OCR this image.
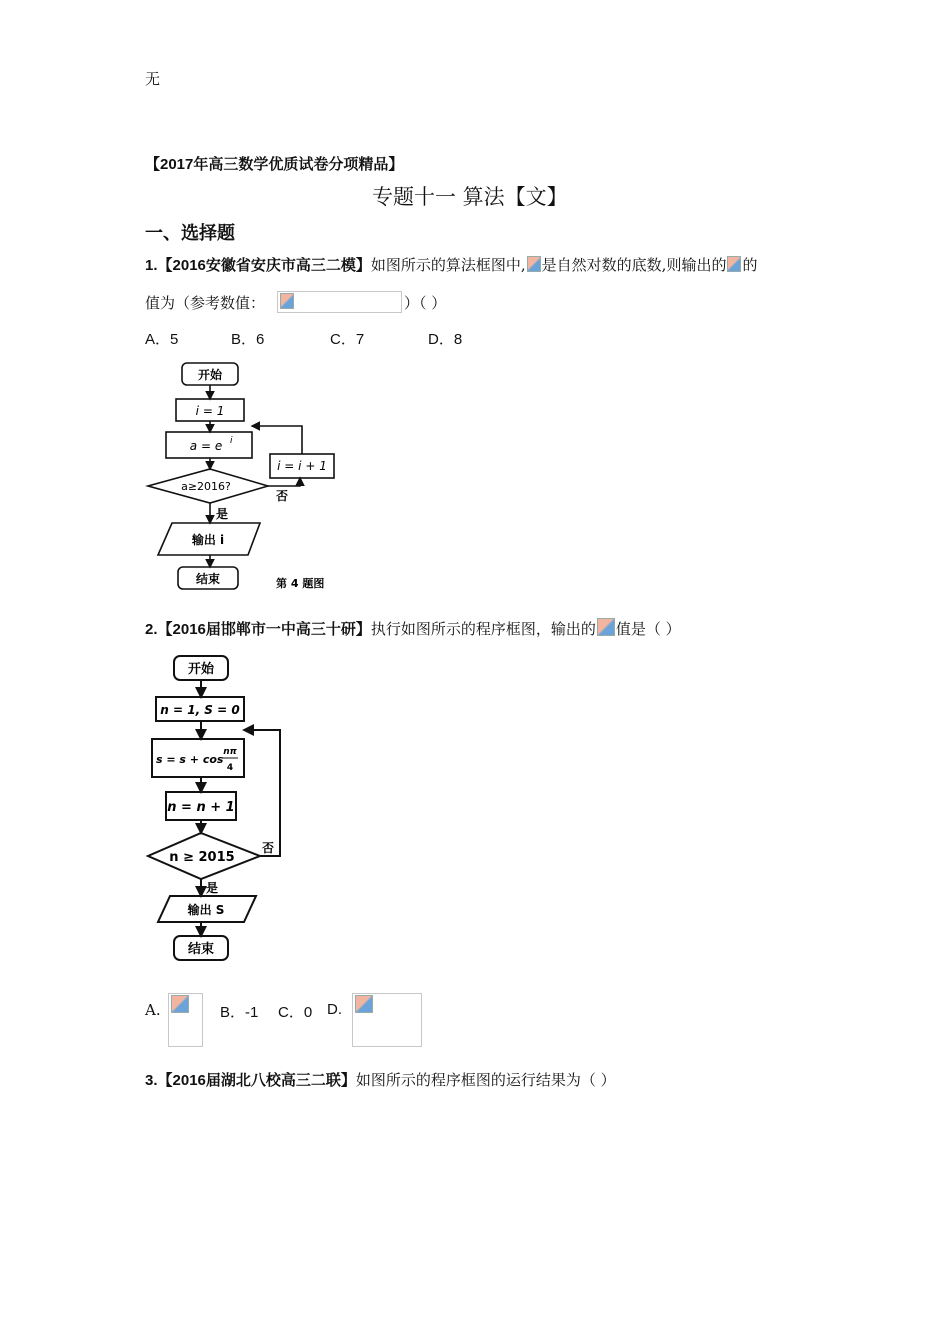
无
【2017年高三数学优质试卷分项精品】
专题十一 算法【文】
一、选择题
1.【2016安徽省安庆市高三二模】如图所示的算法框图中, 是自然对数的底数,则输出的 的
值为（参考数值：	）（ ）
A．5	B．6	C．7	D．8
开始
i = 1
a = e i
i = i + 1
a≥2016?
否
是
输出 i
结束	第 4 题图
2.【2016届邯郸市一中高三十研】执行如图所示的程序框图，输出的 值是（ ）
开始
n = 1, S = 0
s = s + cos
nπ
4
n = n + 1
n ≥ 2015
否
是
输出 S
结束
A.	B．-1 C．0 D.
3.【2016届湖北八校高三二联】如图所示的程序框图的运行结果为（ ）
